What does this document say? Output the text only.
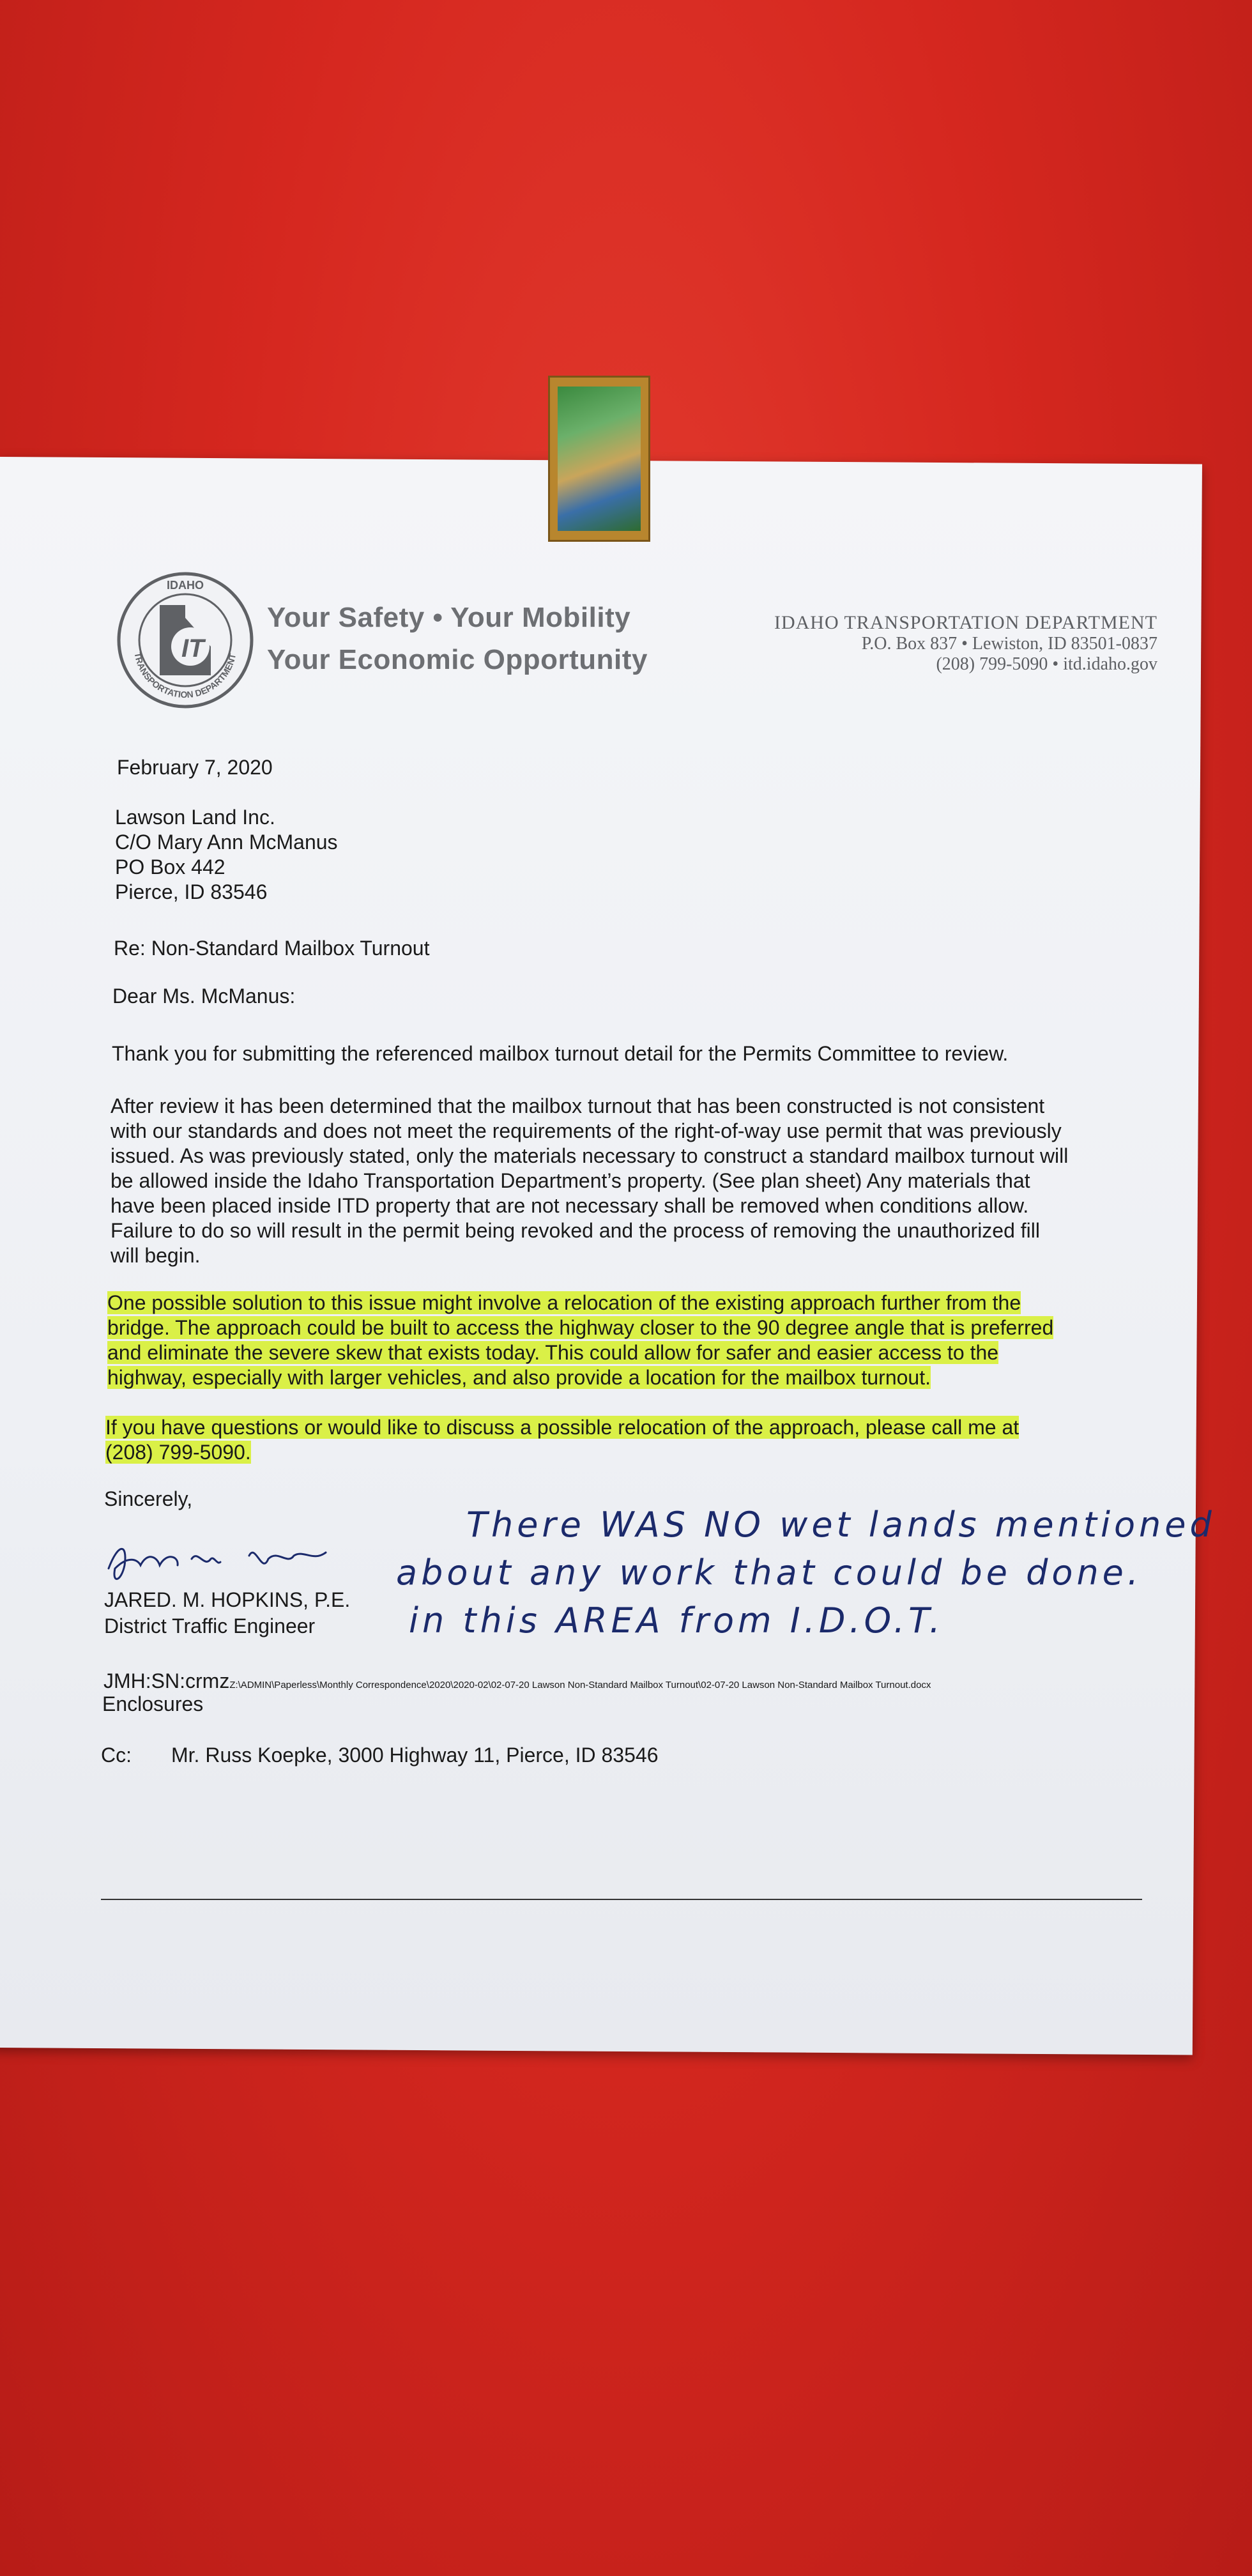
IT
IDAHO
TRANSPORTATION DEPARTMENT
Your Safety • Your Mobility
Your Economic Opportunity
IDAHO TRANSPORTATION DEPARTMENT
P.O. Box 837 • Lewiston, ID 83501-0837
(208) 799-5090 • itd.idaho.gov
February 7, 2020
Lawson Land Inc.
C/O Mary Ann McManus
PO Box 442
Pierce, ID 83546
Re: Non-Standard Mailbox Turnout
Dear Ms. McManus:
Thank you for submitting the referenced mailbox turnout detail for the Permits Committee to review.
After review it has been determined that the mailbox turnout that has been constructed is not consistent
with our standards and does not meet the requirements of the right-of-way use permit that was previously
issued. As was previously stated, only the materials necessary to construct a standard mailbox turnout will
be allowed inside the Idaho Transportation Department’s property. (See plan sheet) Any materials that
have been placed inside ITD property that are not necessary shall be removed when conditions allow.
Failure to do so will result in the permit being revoked and the process of removing the unauthorized fill
will begin.
One possible solution to this issue might involve a relocation of the existing approach further from the
bridge. The approach could be built to access the highway closer to the 90 degree angle that is preferred
and eliminate the severe skew that exists today. This could allow for safer and easier access to the
highway, especially with larger vehicles, and also provide a location for the mailbox turnout.
If you have questions or would like to discuss a possible relocation of the approach, please call me at
(208) 799-5090.
Sincerely,
JARED. M. HOPKINS, P.E.
District Traffic Engineer
JMH:SN:crmzZ:\ADMIN\Paperless\Monthly Correspondence\2020\2020-02\02-07-20 Lawson Non-Standard Mailbox Turnout\02-07-20 Lawson Non-Standard Mailbox Turnout.docx
Enclosures
Cc: Mr. Russ Koepke, 3000 Highway 11, Pierce, ID 83546
There WAS NO wet lands mentioned
about any work that could be done.
in this AREA from I.D.O.T.
